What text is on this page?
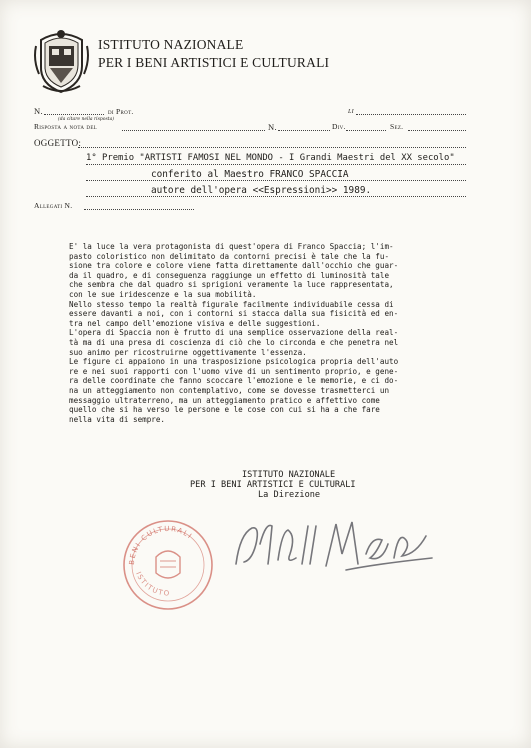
ISTITUTO NAZIONALE
PER I BENI ARTISTICI E CULTURALI
N.	di Prot.
(da citare nella risposta)
li
Risposta a nota del	N.	Div.	Sez.
OGGETTO:
1° Premio "ARTISTI FAMOSI NEL MONDO - I Grandi Maestri del XX secolo"
conferito al Maestro FRANCO SPACCIA
autore dell'opera <<Espressioni>> 1989.
Allegati N.
E' la luce la vera protagonista di quest'opera di Franco Spaccia; l'im-
pasto coloristico non delimitato da contorni precisi è tale che la fu-
sione tra colore e colore viene fatta direttamente dall'occhio che guar-
da il quadro, e di conseguenza raggiunge un effetto di luminosità tale
che sembra che dal quadro si sprigioni veramente la luce rappresentata,
con le sue iridescenze e la sua mobilità.
Nello stesso tempo la realtà figurale facilmente individuabile cessa di
essere davanti a noi, con i contorni si stacca dalla sua fisicità ed en-
tra nel campo dell'emozione visiva e delle suggestioni.
L'opera di Spaccia non è frutto di una semplice osservazione della real-
tà ma di una presa di coscienza di ciò che lo circonda e che penetra nel
suo animo per ricostruirne oggettivamente l'essenza.
Le figure ci appaiono in una trasposizione psicologica propria dell'auto
re e nei suoi rapporti con l'uomo vive di un sentimento proprio, e gene-
ra delle coordinate che fanno scoccare l'emozione e le memorie, e ci do-
na un atteggiamento non contemplativo, come se dovesse trasmetterci un
messaggio ultraterreno, ma un atteggiamento pratico e affettivo come
quello che si ha verso le persone e le cose con cui si ha a che fare
nella vita di sempre.
ISTITUTO NAZIONALE
PER I BENI ARTISTICI E CULTURALI
La Direzione
BENI CULTURALI
ISTITUTO
